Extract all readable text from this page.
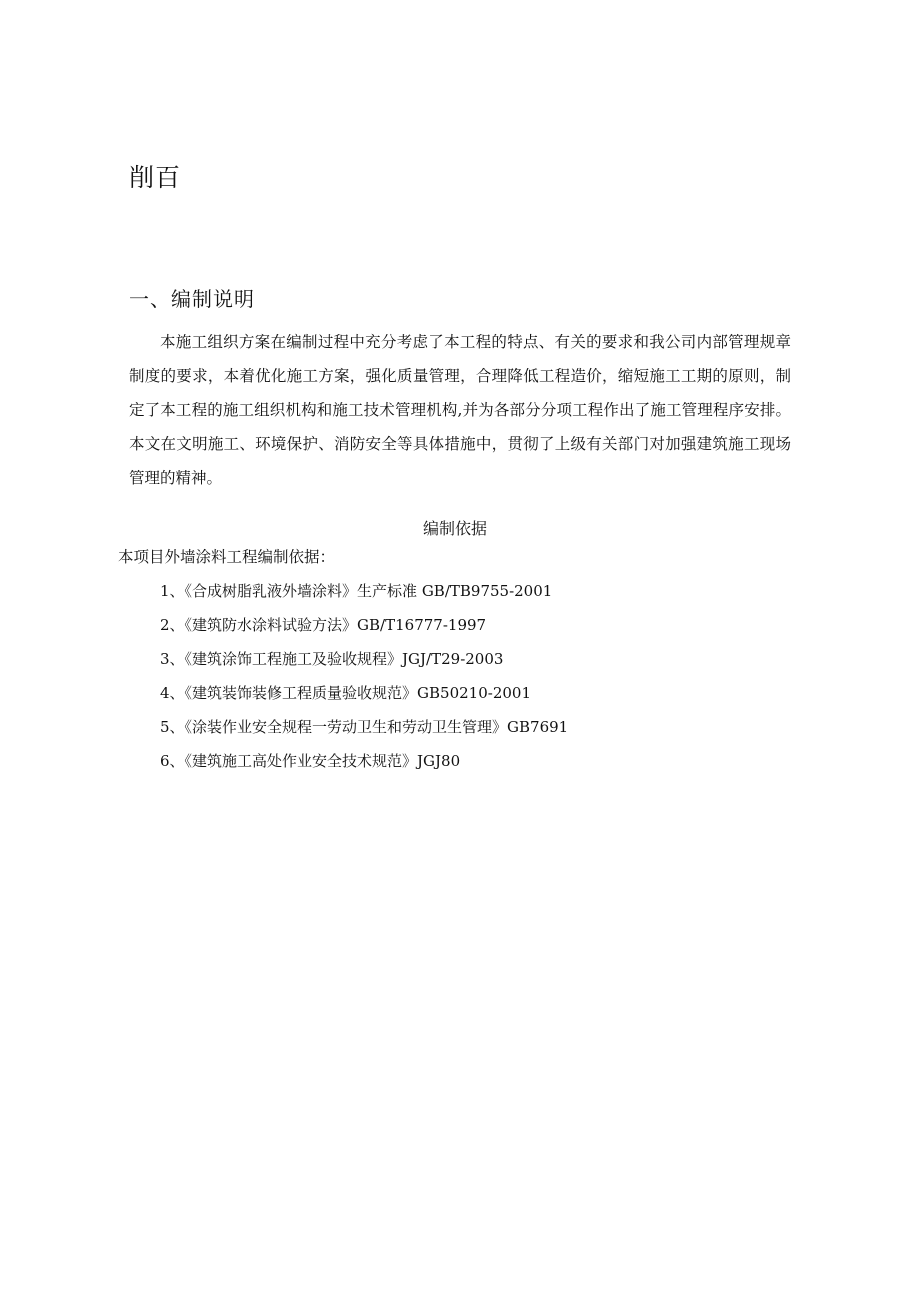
削百
一、编制说明

本施工组织方案在编制过程中充分考虑了本工程的特点、有关的要求和我公司内部管理规章制度的要求，本着优化施工方案，强化质量管理，合理降低工程造价，缩短施工工期的原则，制定了本工程的施工组织机构和施工技术管理机构,并为各部分分项工程作出了施工管理程序安排。本文在文明施工、环境保护、消防安全等具体措施中，贯彻了上级有关部门对加强建筑施工现场管理的精神。

编制依据

本项目外墙涂料工程编制依据：

1、《合成树脂乳液外墙涂料》生产标准 GB/TB9755-2001
2、《建筑防水涂料试验方法》GB/T16777-1997
3、《建筑涂饰工程施工及验收规程》JGJ/T29-2003
4、《建筑装饰装修工程质量验收规范》GB50210-2001
5、《涂装作业安全规程一劳动卫生和劳动卫生管理》GB7691
6、《建筑施工高处作业安全技术规范》JGJ80
